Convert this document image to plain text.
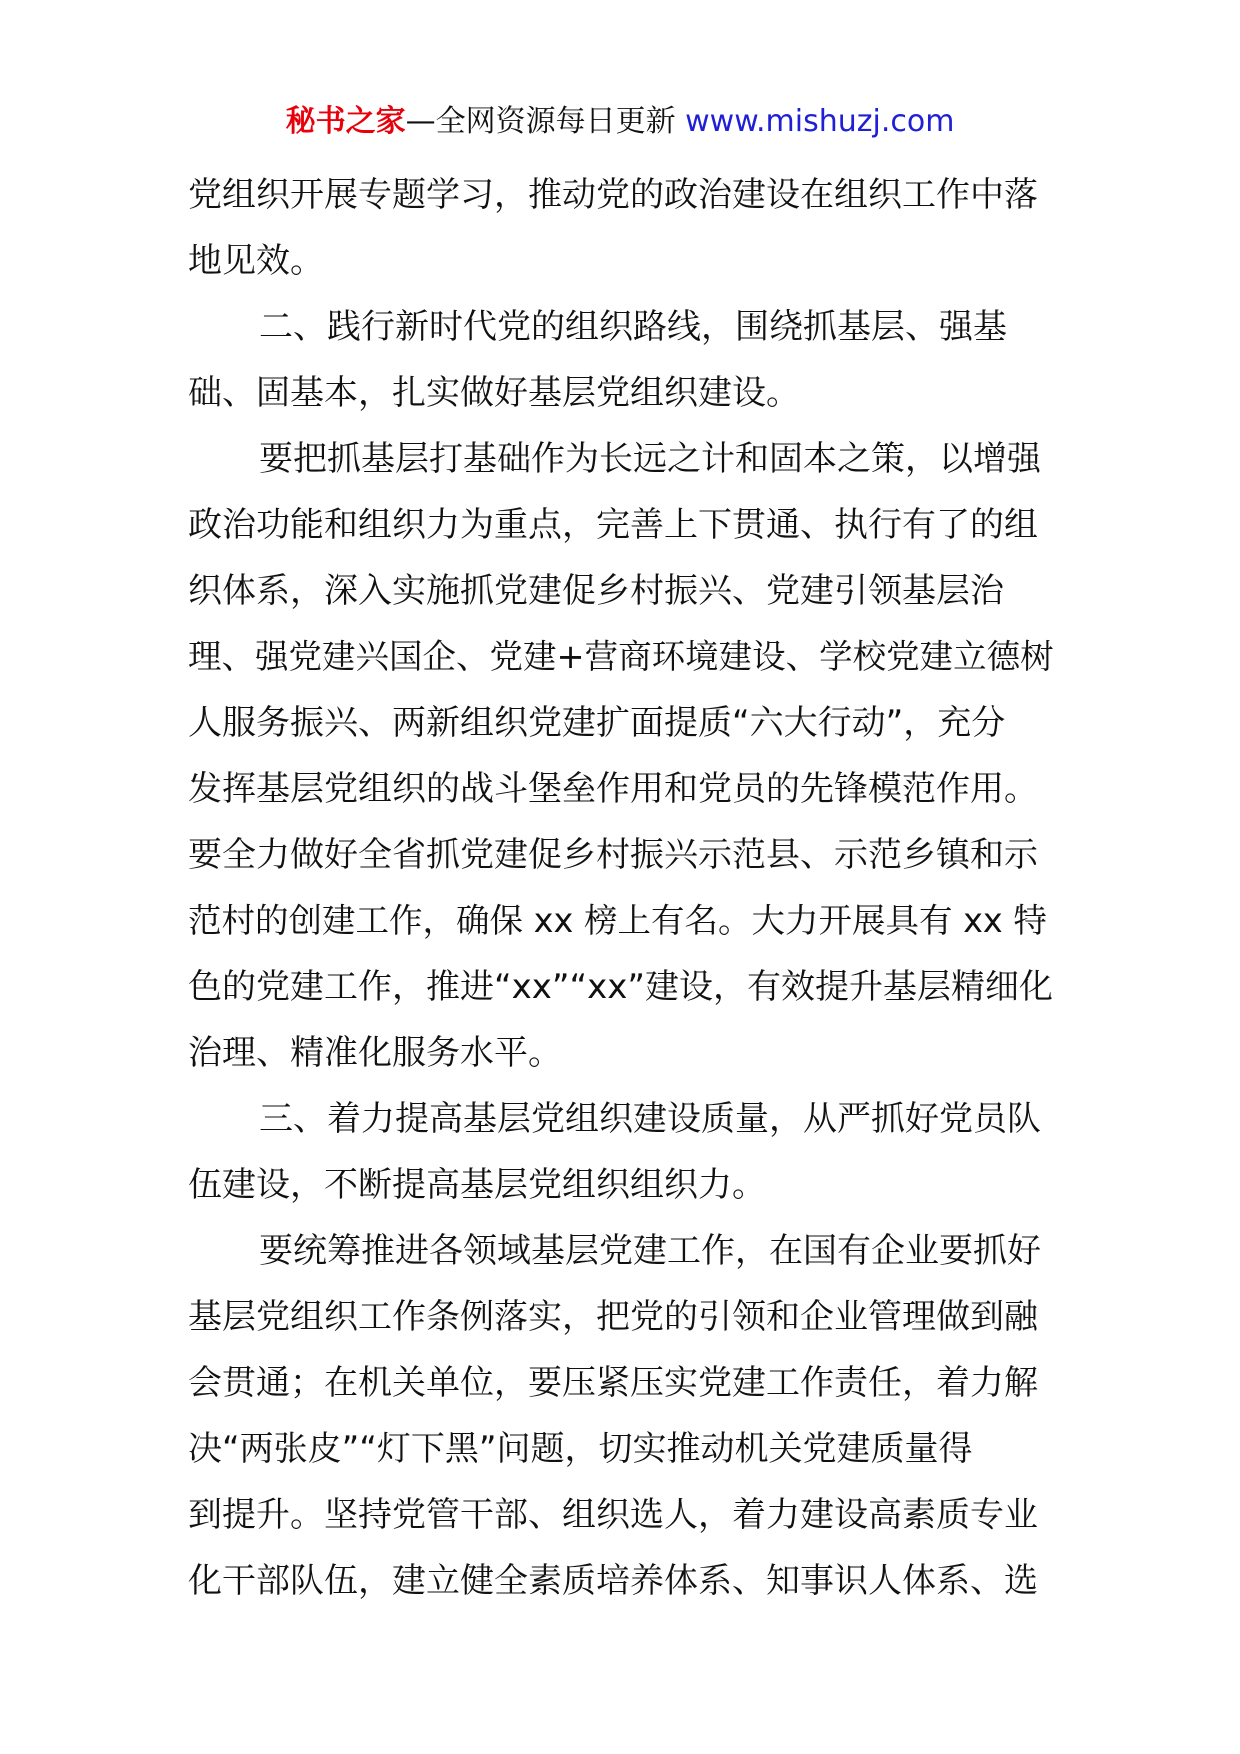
秘书之家—全网资源每日更新 www.mishuzj.com
党组织开展专题学习，推动党的政治建设在组织工作中落
地见效。
二、践行新时代党的组织路线，围绕抓基层、强基
础、固基本，扎实做好基层党组织建设。
要把抓基层打基础作为长远之计和固本之策，以增强
政治功能和组织力为重点，完善上下贯通、执行有了的组
织体系，深入实施抓党建促乡村振兴、党建引领基层治
理、强党建兴国企、党建+营商环境建设、学校党建立德树
人服务振兴、两新组织党建扩面提质“六大行动”，充分
发挥基层党组织的战斗堡垒作用和党员的先锋模范作用。
要全力做好全省抓党建促乡村振兴示范县、示范乡镇和示
范村的创建工作，确保 xx 榜上有名。大力开展具有 xx 特
色的党建工作，推进“xx”“xx”建设，有效提升基层精细化
治理、精准化服务水平。
三、着力提高基层党组织建设质量，从严抓好党员队
伍建设，不断提高基层党组织组织力。
要统筹推进各领域基层党建工作，在国有企业要抓好
基层党组织工作条例落实，把党的引领和企业管理做到融
会贯通；在机关单位，要压紧压实党建工作责任，着力解
决“两张皮”“灯下黑”问题，切实推动机关党建质量得
到提升。坚持党管干部、组织选人，着力建设高素质专业
化干部队伍，建立健全素质培养体系、知事识人体系、选
